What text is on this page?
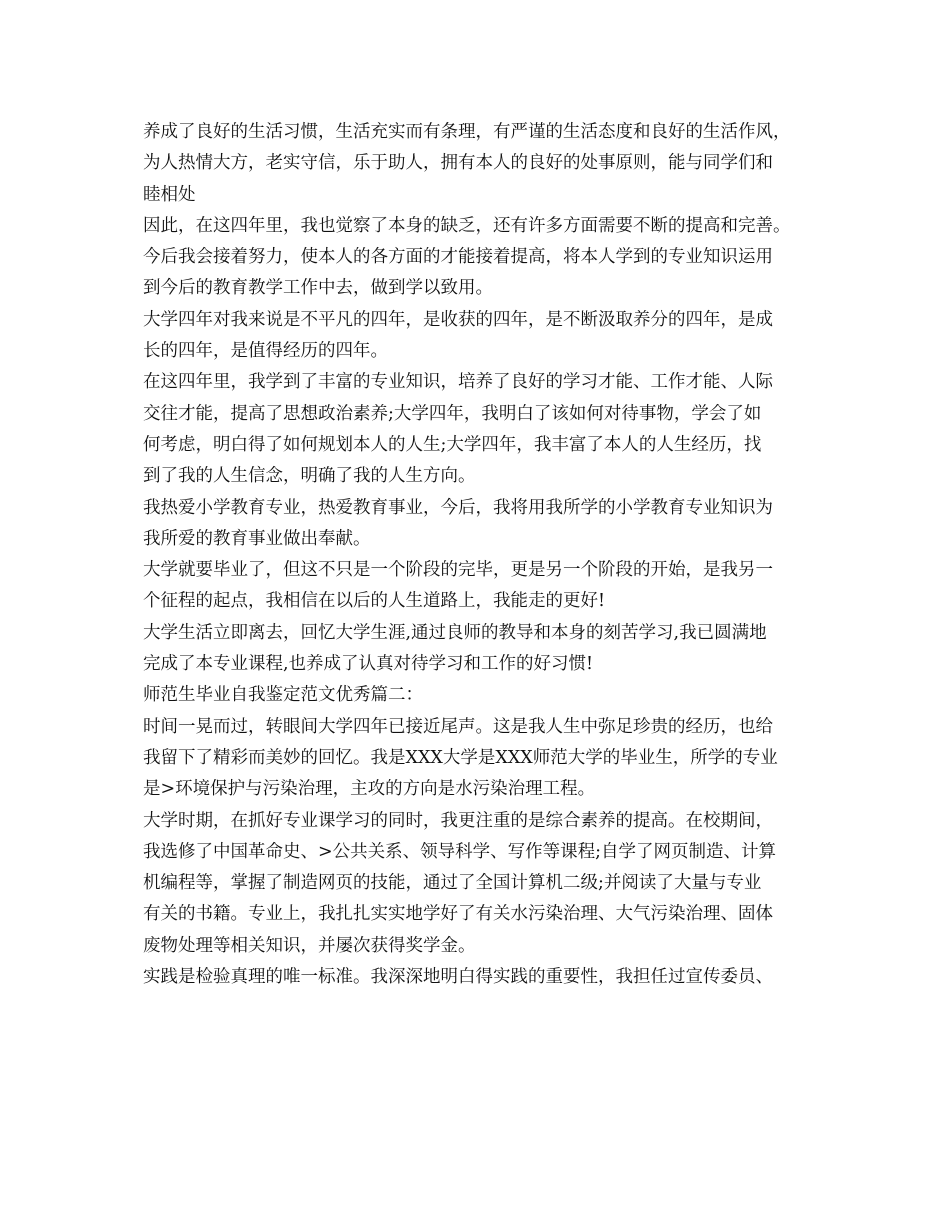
养成了良好的生活习惯，生活充实而有条理，有严谨的生活态度和良好的生活作风，
为人热情大方，老实守信，乐于助人，拥有本人的良好的处事原则，能与同学们和
睦相处
因此，在这四年里，我也觉察了本身的缺乏，还有许多方面需要不断的提高和完善。
今后我会接着努力，使本人的各方面的才能接着提高，将本人学到的专业知识运用
到今后的教育教学工作中去，做到学以致用。
大学四年对我来说是不平凡的四年，是收获的四年，是不断汲取养分的四年，是成
长的四年，是值得经历的四年。
在这四年里，我学到了丰富的专业知识，培养了良好的学习才能、工作才能、人际
交往才能，提高了思想政治素养;大学四年，我明白了该如何对待事物，学会了如
何考虑，明白得了如何规划本人的人生;大学四年，我丰富了本人的人生经历，找
到了我的人生信念，明确了我的人生方向。
我热爱小学教育专业，热爱教育事业，今后，我将用我所学的小学教育专业知识为
我所爱的教育事业做出奉献。
大学就要毕业了，但这不只是一个阶段的完毕，更是另一个阶段的开始，是我另一
个征程的起点，我相信在以后的人生道路上，我能走的更好!
大学生活立即离去，回忆大学生涯,通过良师的教导和本身的刻苦学习,我已圆满地
完成了本专业课程,也养成了认真对待学习和工作的好习惯!
师范生毕业自我鉴定范文优秀篇二：
时间一晃而过，转眼间大学四年已接近尾声。这是我人生中弥足珍贵的经历，也给
我留下了精彩而美妙的回忆。我是XXX大学是XXX师范大学的毕业生，所学的专业
是>环境保护与污染治理，主攻的方向是水污染治理工程。
大学时期，在抓好专业课学习的同时，我更注重的是综合素养的提高。在校期间，
我选修了中国革命史、>公共关系、领导科学、写作等课程;自学了网页制造、计算
机编程等，掌握了制造网页的技能，通过了全国计算机二级;并阅读了大量与专业
有关的书籍。专业上，我扎扎实实地学好了有关水污染治理、大气污染治理、固体
废物处理等相关知识，并屡次获得奖学金。
实践是检验真理的唯一标准。我深深地明白得实践的重要性，我担任过宣传委员、
